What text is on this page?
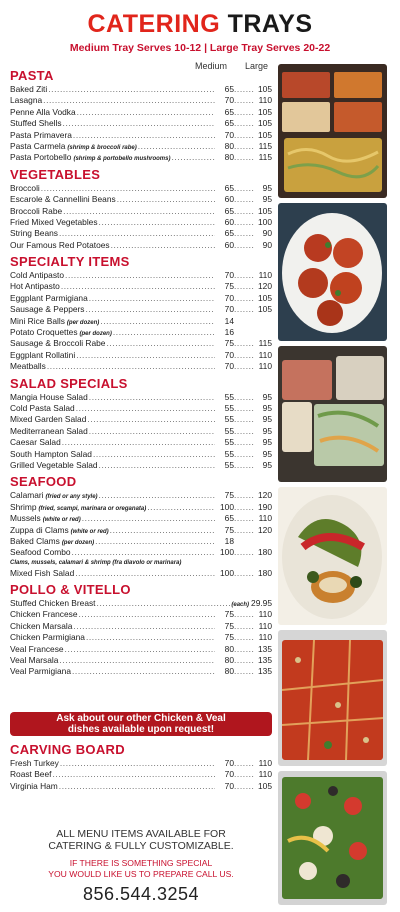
CATERING TRAYS
Medium Tray Serves 10-12 | Large Tray Serves 20-22
Medium Large
PASTA
Baked Ziti .....	65 .....	105
Lasagna .....	70 .....	110
Penne Alla Vodka .....	65 .....	105
Stuffed Shells .....	65 .....	105
Pasta Primavera .....	70 .....	105
Pasta Carmela (shrimp & broccoli rabe) .....	80 .....	115
Pasta Portobello (shrimp & portobello mushrooms) .....	80 .....	115
VEGETABLES
Broccoli .....	65 .....	95
Escarole & Cannellini Beans .....	60 .....	95
Broccoli Rabe .....	65 .....	105
Fried Mixed Vegetables .....	60 .....	100
String Beans .....	65 .....	90
Our Famous Red Potatoes .....	60 .....	90
SPECIALTY ITEMS
Cold Antipasto .....	70 .....	110
Hot Antipasto .....	75 .....	120
Eggplant Parmigiana .....	70 .....	105
Sausage & Peppers .....	70 .....	105
Mini Rice Balls (per dozen) .....	14
Potato Croquettes (per dozen) .....	16
Sausage & Broccoli Rabe .....	75 .....	115
Eggplant Rollatini .....	70 .....	110
Meatballs .....	70 .....	110
SALAD SPECIALS
Mangia House Salad .....	55 .....	95
Cold Pasta Salad .....	55 .....	95
Mixed Garden Salad .....	55 .....	95
Mediterranean Salad .....	55 .....	95
Caesar Salad .....	55 .....	95
South Hampton Salad .....	55 .....	95
Grilled Vegetable Salad .....	55 .....	95
SEAFOOD
Calamari (fried or any style) .....	75 .....	120
Shrimp (fried, scampi, marinara or oreganata) .....	100 .....	190
Mussels (white or red) .....	65 .....	110
Zuppa di Clams (white or red) .....	75 .....	120
Baked Clams (per dozen) .....	18
Seafood Combo .....	100 .....	180
Clams, mussels, calamari & shrimp (fra diavolo or marinara)
Mixed Fish Salad .....	100 .....	180
POLLO & VITELLO
Stuffed Chicken Breast .....	(each) 29.95
Chicken Francese .....	75 .....	110
Chicken Marsala .....	75 .....	110
Chicken Parmigiana .....	75 .....	110
Veal Francese .....	80 .....	135
Veal Marsala .....	80 .....	135
Veal Parmigiana .....	80 .....	135
Ask about our other Chicken & Veal
dishes available upon request!
CARVING BOARD
Fresh Turkey .....	70 .....	110
Roast Beef .....	70 .....	110
Virginia Ham .....	70 .....	105
ALL MENU ITEMS AVAILABLE FOR
CATERING & FULLY CUSTOMIZABLE.
IF THERE IS SOMETHING SPECIAL
YOU WOULD LIKE US TO PREPARE CALL US.
856.544.3254
